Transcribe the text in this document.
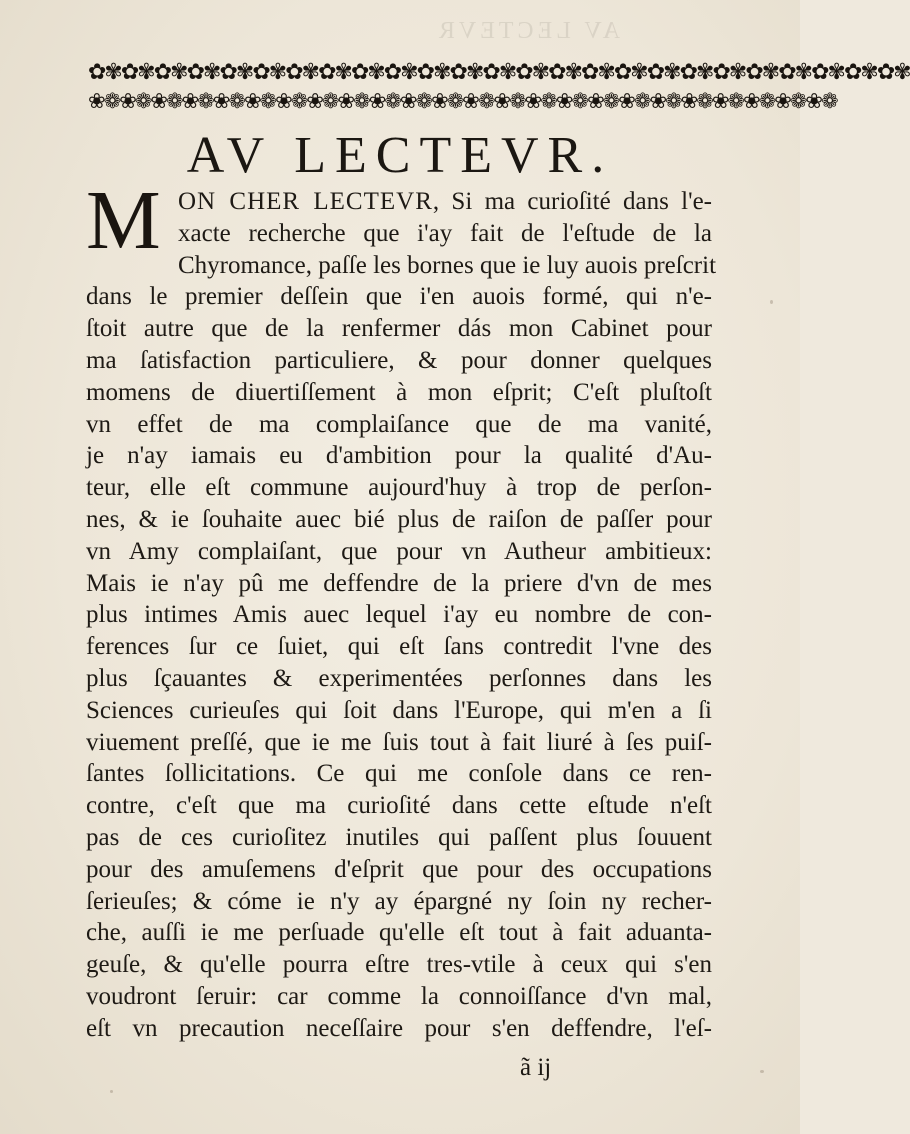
AV LECTEVR
✿✾✿✾✿✾✿✾✿✾✿✾✿✾✿✾✿✾✿✾✿✾✿✾✿✾✿✾✿✾✿✾✿✾✿✾✿✾✿✾✿✾✿✾✿✾✿✾✿✾
❀❁❀❁❀❁❀❁❀❁❀❁❀❁❀❁❀❁❀❁❀❁❀❁❀❁❀❁❀❁❀❁❀❁❀❁❀❁❀❁❀❁❀❁❀❁❀❁
AV LECTEVR.
M ON CHER LECTEVR, Si ma curioſité dans l'e-
xacte recherche que i'ay fait de l'eſtude de la
Chyromance, paſſe les bornes que ie luy auois preſcrit
dans le premier deſſein que i'en auois formé, qui n'e-
ſtoit autre que de la renfermer dás mon Cabinet pour
ma ſatisfaction particuliere, & pour donner quelques
momens de diuertiſſement à mon eſprit; C'eſt pluſtoſt
vn effet de ma complaiſance que de ma vanité,
je n'ay iamais eu d'ambition pour la qualité d'Au-
teur, elle eſt commune aujourd'huy à trop de perſon-
nes, & ie ſouhaite auec bié plus de raiſon de paſſer pour
vn Amy complaiſant, que pour vn Autheur ambitieux:
Mais ie n'ay pû me deffendre de la priere d'vn de mes
plus intimes Amis auec lequel i'ay eu nombre de con-
ferences ſur ce ſuiet, qui eſt ſans contredit l'vne des
plus ſçauantes & experimentées perſonnes dans les
Sciences curieuſes qui ſoit dans l'Europe, qui m'en a ſi
viuement preſſé, que ie me ſuis tout à fait liuré à ſes puiſ-
ſantes ſollicitations. Ce qui me conſole dans ce ren-
contre, c'eſt que ma curioſité dans cette eſtude n'eſt
pas de ces curioſitez inutiles qui paſſent plus ſouuent
pour des amuſemens d'eſprit que pour des occupations
ſerieuſes; & cóme ie n'y ay épargné ny ſoin ny recher-
che, auſſi ie me perſuade qu'elle eſt tout à fait aduanta-
geuſe, & qu'elle pourra eſtre tres-vtile à ceux qui s'en
voudront ſeruir: car comme la connoiſſance d'vn mal,
eſt vn precaution neceſſaire pour s'en deffendre, l'eſ-
ã ij
